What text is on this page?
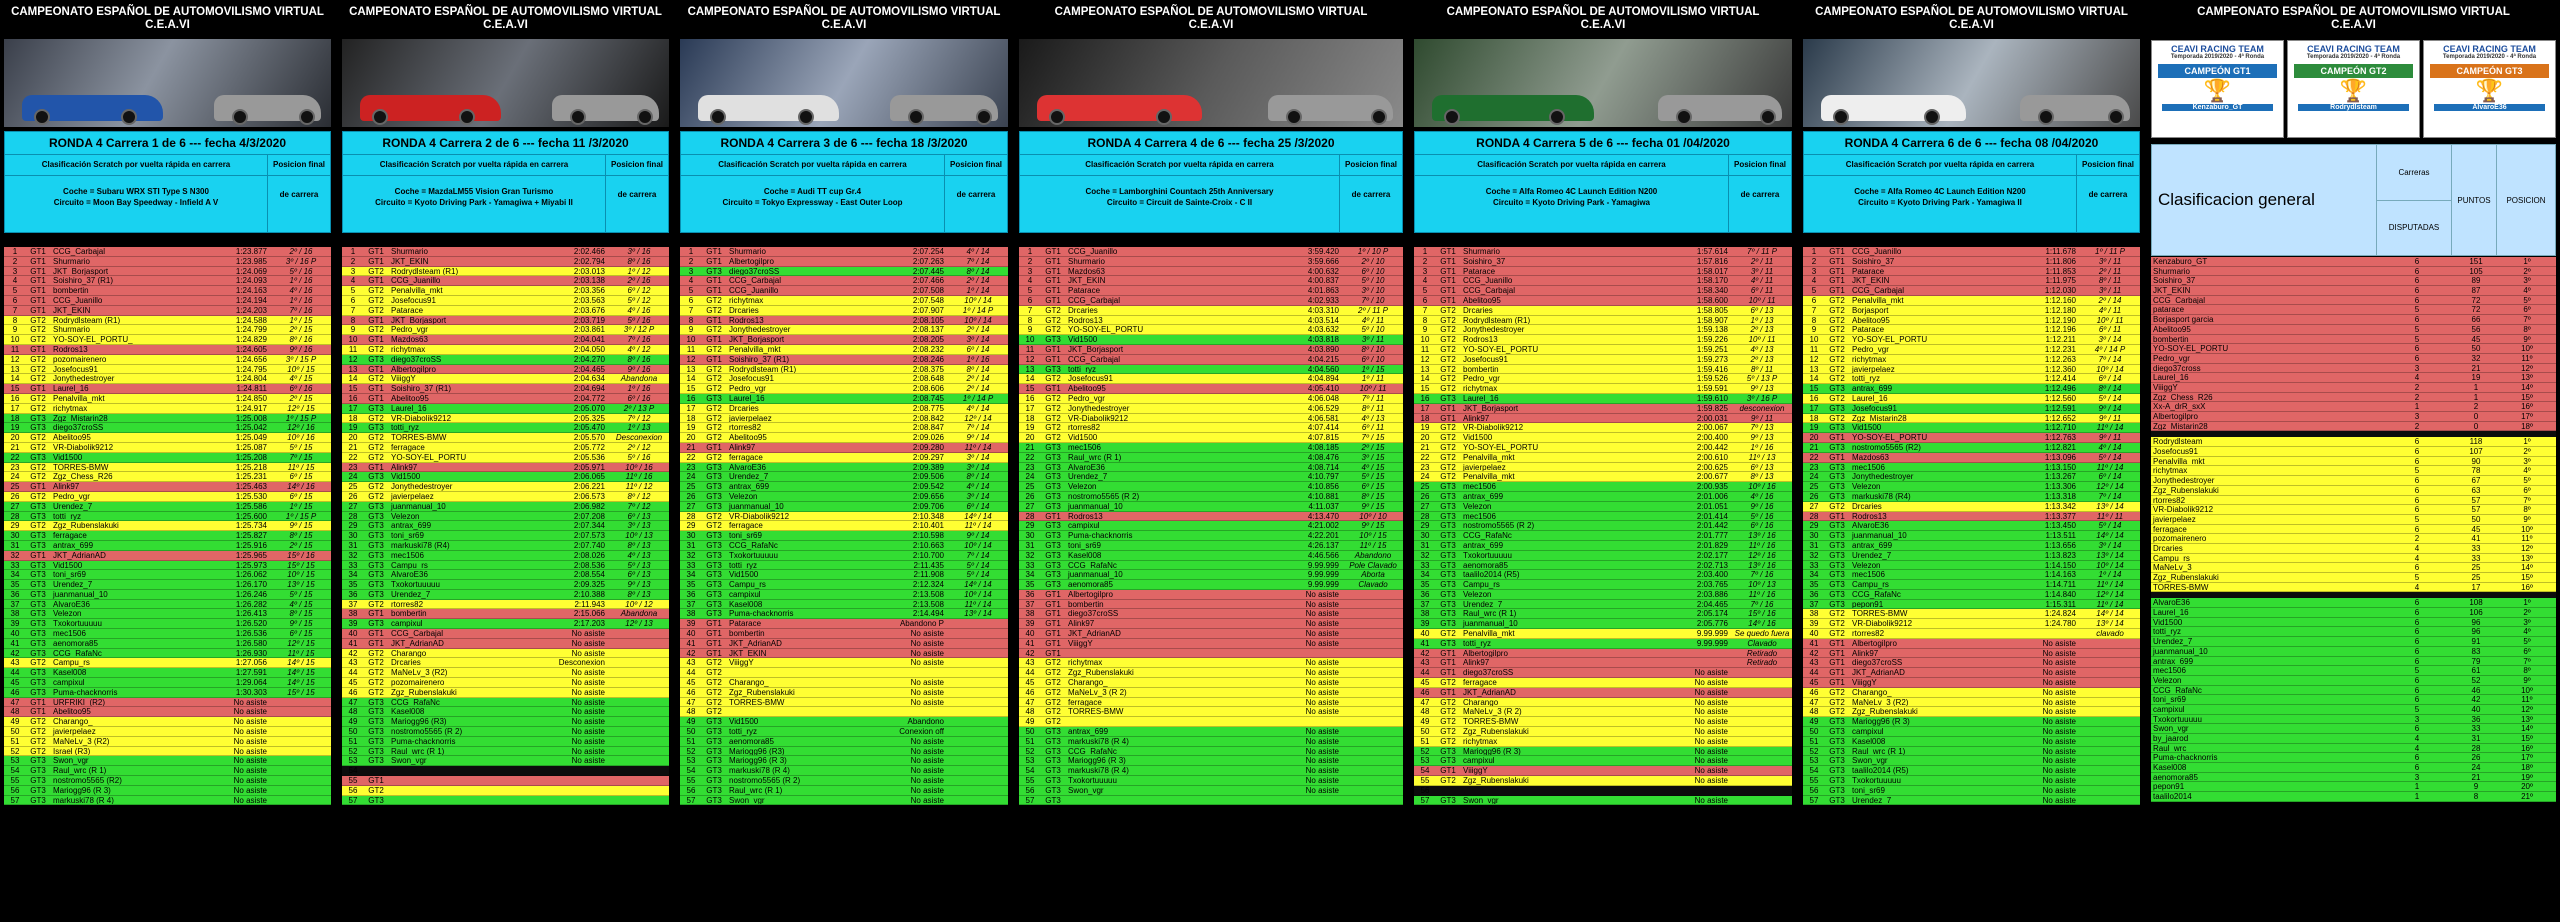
CAMPEONATO ESPAÑOL DE AUTOMOVILISMO VIRTUAL
C.E.A.VI
RONDA 4 Carrera 1 de 6 --- fecha 4/3/2020
Clasificación Scratch por vuelta rápida en carrera
Coche = Subaru WRX STI Type S N300
Circuito = Moon Bay Speedway - Infield A V
Posicion final
de carrera
1	GT1 CCG_Carbajal	1:23.877	2º / 16
2	GT1 Shurmario	1:23.985	3º / 16 P
3	GT1 JKT_Borjasport	1:24.069	5º / 16
4	GT1 Soishiro_37 (R1)	1:24.093	1º / 16
5	GT1 bombertin	1:24.163	4º / 16
6	GT1 CCG_Juanillo	1:24.194	1º / 16
7	GT1 JKT_EKIN	1:24.203	7º / 16
8	GT2 Rodrydlsteam (R1)	1:24.588	1º / 15
9	GT2 Shurmario	1:24.799	2º / 15
10	GT2 YO-SOY-EL_PORTU_	1:24.829	8º / 16
11	GT1 Rodros13	1:24.605	9º / 16
12	GT2 pozomairenero	1:24.656	3º / 15 P
13	GT2 Josefocus91	1:24.795	10º / 15
14	GT2 Jonythedestroyer	1:24.804	4º / 15
15	GT1 Laurel_16	1:24.811	6º / 16
16	GT2 Penalvilla_mkt	1:24.850	2º / 15
17	GT2 richytmax	1:24.917	12º / 15
18	GT3 Zgz_Mistarin28	1:25.008	1º / 15 P
19	GT3 diego37croSS	1:25.042	12º / 16
20	GT2 Abelitoo95	1:25.049	10º / 16
21	GT2 VR-Diabolik9212	1:25.087	5º / 15
22	GT3 Vid1500	1:25.208	7º / 15
23	GT2 TORRES-BMW	1:25.218	11º / 15
24	GT2 Zgz_Chess_R26	1:25.231	6º / 15
25	GT1 Alink97	1:25.463	14º / 16
26	GT2 Pedro_vgr	1:25.530	6º / 15
27	GT3 Urendez_7	1:25.586	1º / 15
28	GT3 totti_ryz	1:25.600	1º / 15 P
29	GT2 Zgz_Rubenslakuki	1:25.734	9º / 15
30	GT3 ferragace	1:25.827	8º / 15
31	GT3 antrax_699	1:25.916	2º / 15
32	GT1 JKT_AdrianAD	1:25.965	15º / 16
33	GT3 Vid1500	1:25.973	15º / 15
34	GT3 toni_sr69	1:26.062	10º / 15
35	GT3 Urendez_7	1:26.170	13º / 15
36	GT3 juanmanual_10	1:26.246	5º / 15
37	GT3 AlvaroE36	1:26.282	4º / 15
38	GT3 Velezon	1:26.413	8º / 15
39	GT3 Txokortuuuuu	1:26.520	9º / 15
40	GT3 mec1506	1:26.536	6º / 15
41	GT3 aenomora85	1:26.580	12º / 15
42	GT3 CCG_RafaNc	1:26.930	11º / 15
43	GT2 Campu_rs	1:27.056	14º / 15
44	GT3 Kasel008	1:27.591	14º / 15
45	GT3 campixul	1:29.064	14º / 15
46	GT3 Puma-chacknorris	1:30.303	15º / 15
47	GT1 URFRIKI_(R2)	No asiste
48	GT1 Abelitoo95	No asiste
49	GT2 Charango_	No asiste
50	GT2 javierpelaez	No asiste
51	GT2 MaNeLv_3 (R2)	No asiste
52	GT2 Israel (R3)	No asiste
53	GT3 Swon_vgr	No asiste
54	GT3 Raul_wrc (R 1)	No asiste
55	GT3 nostromo5565 (R2)	No asiste
56	GT3 Mariogg96 (R 3)	No asiste
57	GT3 markuski78 (R 4)	No asiste
CAMPEONATO ESPAÑOL DE AUTOMOVILISMO VIRTUAL
C.E.A.VI
RONDA 4 Carrera 2 de 6 --- fecha 11 /3/2020
Clasificación Scratch por vuelta rápida en carrera
Coche = MazdaLM55 Vision Gran Turismo
Circuito = Kyoto Driving Park - Yamagiwa + Miyabi II
Posicion final
de carrera
1	GT1 Shurmario	2:02.466	3º / 16
2	GT1 JKT_EKIN	2:02.794	8º / 16
3	GT2 Rodrydlsteam (R1)	2:03.013	1º / 12
4	GT1 CCG_Juanillo	2:03.138	2º / 16
5	GT2 Penalvilla_mkt	2:03.356	6º / 12
6	GT2 Josefocus91	2:03.563	5º / 12
7	GT2 Patarace	2:03.676	4º / 16
8	GT1 JKT_Borjasport	2:03.719	5º / 16
9	GT2 Pedro_vgr	2:03.861	3º / 12 P
10	GT1 Mazdos63	2:04.041	7º / 16
11	GT2 richytmax	2:04.050	4º / 12
12	GT3 diego37croSS	2:04.270	8º / 16
13	GT1 Albertogilpro	2:04.465	9º / 16
14	GT2 ViiiggY	2:04.634	Abandona
15	GT1 Soishiro_37 (R1)	2:04.694	1º / 16
16	GT1 Abelitoo95	2:04.772	6º / 16
17	GT3 Laurel_16	2:05.070	2º / 13 P
18	GT2 VR-Diabolik9212	2:05.325	7º / 12
19	GT3 totti_ryz	2:05.470	1º / 13
20	GT2 TORRES-BMW	2:05.570	Desconexion
21	GT2 ferragace	2:05.772	2º / 12
22	GT2 YO-SOY-EL_PORTU	2:05.536	5º / 16
23	GT1 Alink97	2:05.971	10º / 16
24	GT3 Vid1500	2:06.065	11º / 16
25	GT2 Jonythedestroyer	2:06.221	11º / 12
26	GT2 javierpelaez	2:06.573	8º / 12
27	GT3 juanmanual_10	2:06.982	7º / 12
28	GT3 Velezon	2:07.208	6º / 13
29	GT3 antrax_699	2:07.344	3º / 13
30	GT3 toni_sr69	2:07.573	10º / 13
31	GT3 markuski78 (R4)	2:07.740	8º / 13
32	GT3 mec1506	2:08.026	4º / 13
33	GT3 Campu_rs	2:08.536	5º / 13
34	GT3 AlvaroE36	2:08.554	6º / 13
35	GT3 Txokortuuuuu	2:09.325	9º / 13
36	GT3 Urendez_7	2:10.388	8º / 13
37	GT2 rtorres82	2:11.943	10º / 12
38	GT1 bombertin	2:15.066	Abandona
39	GT3 campixul	2:17.203	12º / 13
40	GT1 CCG_Carbajal	No asiste
41	GT1 JKT_AdrianAD	No asiste
42	GT2 Charango_	No asiste
43	GT2 Drcaries	Desconexion
44	GT2 MaNeLv_3 (R2)	No asiste
45	GT2 pozomairenero	No asiste
46	GT2 Zgz_Rubenslakuki	No asiste
47	GT3 CCG_RafaNc	No asiste
48	GT3 Kasel008	No asiste
49	GT3 Mariogg96 (R3)	No asiste
50	GT3 nostromo5565 (R 2)	No asiste
51	GT3 Puma-chacknorris	No asiste
52	GT3 Raul_wrc (R 1)	No asiste
53	GT3 Swon_vgr	No asiste
54
55	GT1
56	GT2
57	GT3
CAMPEONATO ESPAÑOL DE AUTOMOVILISMO VIRTUAL
C.E.A.VI
RONDA 4 Carrera 3 de 6 --- fecha 18 /3/2020
Clasificación Scratch por vuelta rápida en carrera
Coche = Audi TT cup Gr.4
Circuito = Tokyo Expressway - East Outer Loop
Posicion final
de carrera
1	GT1 Shurmario	2:07.254	4º / 14
2	GT1 Albertogilpro	2:07.263	7º / 14
3	GT3 diego37croSS	2:07.445	8º / 14
4	GT1 CCG_Carbajal	2:07.466	2º / 14
5	GT1 CCG_Juanillo	2:07.508	1º / 14
6	GT2 richytmax	2:07.548	10º / 14
7	GT2 Drcaries	2:07.907	1º / 14 P
8	GT1 Rodros13	2:08.105	10º / 14
9	GT2 Jonythedestroyer	2:08.137	2º / 14
10	GT1 JKT_Borjasport	2:08.205	3º / 14
11	GT2 Penalvilla_mkt	2:08.232	6º / 14
12	GT1 Soishiro_37 (R1)	2:08.246	1º / 16
13	GT2 Rodrydlsteam (R1)	2:08.375	8º / 14
14	GT2 Josefocus91	2:08.648	2º / 14
15	GT2 Pedro_vgr	2:08.606	2º / 14
16	GT3 Laurel_16	2:08.745	1º / 14 P
17	GT2 Drcaries	2:08.775	4º / 14
18	GT2 javierpelaez	2:08.842	12º / 14
19	GT2 rtorres82	2:08.847	7º / 14
20	GT2 Abelitoo95	2:09.026	9º / 14
21	GT1 Alink97	2:09.280	11º / 14
22	GT2 ferragace	2:09.297	3º / 14
23	GT3 AlvaroE36	2:09.389	3º / 14
24	GT3 Urendez_7	2:09.506	8º / 14
25	GT3 antrax_699	2:09.542	4º / 14
26	GT3 Velezon	2:09.656	3º / 14
27	GT3 juanmanual_10	2:09.706	6º / 14
28	GT2 VR-Diabolik9212	2:10.348	14º / 14
29	GT2 ferragace	2:10.401	11º / 14
30	GT3 toni_sr69	2:10.598	9º / 14
31	GT3 CCG_RafaNc	2:10.663	10º / 14
32	GT3 Txokortuuuuu	2:10.700	7º / 14
33	GT3 totti_ryz	2:11.435	5º / 14
34	GT3 Vid1500	2:11.908	5º / 14
35	GT3 Campu_rs	2:12.324	14º / 14
36	GT3 campixul	2:13.508	10º / 14
37	GT3 Kasel008	2:13.508	11º / 14
38	GT3 Puma-chacknorris	2:14.494	13º / 14
39	GT1 Patarace	Abandono P
40	GT1 bombertin	No asiste
41	GT1 JKT_AdrianAD	No asiste
42	GT1 JKT_EKIN	No asiste
43	GT2 ViiiggY	No asiste
44	GT2
45	GT2 Charango_	No asiste
46	GT2 Zgz_Rubenslakuki	No asiste
47	GT2 TORRES-BMW	No asiste
48	GT2
49	GT3 Vid1500	Abandono
50	GT3 totti_ryz	Conexion off
51	GT3 aenomora85	No asiste
52	GT3 Mariogg96 (R3)	No asiste
53	GT3 Mariogg96 (R 3)	No asiste
54	GT3 markuski78 (R 4)	No asiste
55	GT3 nostromo5565 (R 2)	No asiste
56	GT3 Raul_wrc (R 1)	No asiste
57	GT3 Swon_vgr	No asiste
CAMPEONATO ESPAÑOL DE AUTOMOVILISMO VIRTUAL
C.E.A.VI
RONDA 4 Carrera 4 de 6 --- fecha 25 /3/2020
Clasificación Scratch por vuelta rápida en carrera
Coche = Lamborghini Countach 25th Anniversary
Circuito = Circuit de Sainte-Croix - C II
Posicion final
de carrera
1	GT1 CCG_Juanillo	3:59.420	1º / 10 P
2	GT1 Shurmario	3:59.666	2º / 10
3	GT1 Mazdos63	4:00.632	6º / 10
4	GT1 JKT_EKIN	4:00.837	5º / 10
5	GT1 Patarace	4:01.863	3º / 10
6	GT1 CCG_Carbajal	4:02.933	7º / 10
7	GT2 Drcaries	4:03.310	2º / 11 P
8	GT2 Rodros13	4:03.514	4º / 11
9	GT2 YO-SOY-EL_PORTU	4:03.632	5º / 10
10	GT3 Vid1500	4:03.818	3º / 11
11	GT1 JKT_Borjasport	4:03.890	8º / 10
12	GT1 CCG_Carbajal	4:04.215	6º / 10
13	GT3 totti_ryz	4:04.560	1º / 15
14	GT2 Josefocus91	4:04.894	1º / 11
15	GT1 Abelitoo95	4:05.410	10º / 11
16	GT2 Pedro_vgr	4:06.048	7º / 11
17	GT2 Jonythedestroyer	4:06.529	8º / 11
18	GT2 VR-Diabolik9212	4:06.581	4º / 13
19	GT2 rtorres82	4:07.414	6º / 11
20	GT2 Vid1500	4:07.815	7º / 15
21	GT3 mec1506	4:08.185	2º / 15
22	GT3 Raul_wrc (R 1)	4:08.476	3º / 15
23	GT3 AlvaroE36	4:08.714	4º / 15
24	GT3 Urendez_7	4:10.797	5º / 15
25	GT3 Velezon	4:10.856	6º / 15
26	GT3 nostromo5565 (R 2)	4:10.881	8º / 15
27	GT3 juanmanual_10	4:11.037	9º / 15
28	GT1 Rodros13	4:13.470	10º / 10
29	GT3 campixul	4:21.002	9º / 15
30	GT3 Puma-chacknorris	4:22.201	10º / 15
31	GT3 toni_sr69	4:26.137	11º / 15
32	GT3 Kasel008	4:46.566	Abandono
33	GT3 CCG_RafaNc	9.99.999	Pole Clavado
34	GT3 juanmanual_10	9.99.999	Aborta
35	GT3 aenomora85	9.99.999	Clavado
36	GT1 Albertogilpro	No asiste
37	GT1 bombertin	No asiste
38	GT1 diego37croSS	No asiste
39	GT1 Alink97	No asiste
40	GT1 JKT_AdrianAD	No asiste
41	GT1 ViiiggY	No asiste
42	GT1
43	GT2 richytmax	No asiste
44	GT2 Zgz_Rubenslakuki	No asiste
45	GT2 Charango_	No asiste
46	GT2 MaNeLv_3 (R 2)	No asiste
47	GT2 ferragace	No asiste
48	GT2 TORRES-BMW	No asiste
49	GT2
50	GT3 antrax_699	No asiste
51	GT3 markuski78 (R 4)	No asiste
52	GT3 CCG_RafaNc	No asiste
53	GT3 Mariogg96 (R 3)	No asiste
54	GT3 markuski78 (R 4)	No asiste
55	GT3 Txokortuuuuu	No asiste
56	GT3 Swon_vgr	No asiste
57	GT3
CAMPEONATO ESPAÑOL DE AUTOMOVILISMO VIRTUAL
C.E.A.VI
RONDA 4 Carrera 5 de 6 --- fecha 01 /04/2020
Clasificación Scratch por vuelta rápida en carrera
Coche = Alfa Romeo 4C Launch Edition N200
Circuito = Kyoto Driving Park - Yamagiwa
Posicion final
de carrera
1	GT1 Shurmario	1:57.614	7º / 11 P
2	GT1 Soishiro_37	1:57.816	2º / 11
3	GT1 Patarace	1:58.017	3º / 11
4	GT1 CCG_Juanillo	1:58.170	4º / 11
5	GT1 CCG_Carbajal	1:58.340	6º / 11
6	GT1 Abelitoo95	1:58.600	10º / 11
7	GT2 Drcaries	1:58.805	6º / 13
8	GT2 Rodrydlsteam (R1)	1:58.907	1º / 13
9	GT2 Jonythedestroyer	1:59.138	2º / 13
10	GT2 Rodros13	1:59.226	10º / 11
11	GT2 YO-SOY-EL_PORTU	1:59.251	4º / 13
12	GT2 Josefocus91	1:59.273	2º / 13
13	GT2 bombertin	1:59.416	8º / 11
14	GT2 Pedro_vgr	1:59.526	5º / 13 P
15	GT2 richytmax	1:59.591	9º / 13
16	GT3 Laurel_16	1:59.610	3º / 16 P
17	GT1 JKT_Borjasport	1:59.825	desconexion
18	GT1 Alink97	2:00.031	9º / 11
19	GT2 VR-Diabolik9212	2:00.067	7º / 13
20	GT2 Vid1500	2:00.400	9º / 13
21	GT2 YO-SOY-EL_PORTU	2:00.442	1º / 16
22	GT2 Penalvilla_mkt	2:00.610	11º / 13
23	GT2 javierpelaez	2:00.625	6º / 13
24	GT2 Penalvilla_mkt	2:00.677	8º / 13
25	GT3 mec1506	2:00.935	10º / 16
26	GT3 antrax_699	2:01.006	4º / 16
27	GT3 Velezon	2:01.051	9º / 16
28	GT3 mec1506	2:01.414	5º / 16
29	GT3 nostromo5565 (R 2)	2:01.442	6º / 16
30	GT3 CCG_RafaNc	2:01.777	13º / 16
31	GT3 antrax_699	2:01.829	11º / 16
32	GT3 Txokortuuuuu	2:02.177	12º / 16
33	GT3 aenomora85	2:02.713	13º / 16
34	GT3 taalilo2014 (R5)	2:03.400	7º / 16
35	GT3 Campu_rs	2:03.765	10º / 13
36	GT3 Velezon	2:03.886	11º / 16
37	GT3 Urendez_7	2:04.465	7º / 16
38	GT3 Raul_wrc (R 1)	2:05.174	15º / 16
39	GT3 juanmanual_10	2:05.776	14º / 16
40	GT2 Penalvilla_mkt	9.99.999 Se quedo fuera
41	GT3 totti_ryz	9.99.999	Clavado
42	GT1 Albertogilpro	Retirado
43	GT1 Alink97	Retirado
44	GT1 diego37croSS	No asiste
45	GT2 ferragace	No asiste
46	GT1 JKT_AdrianAD	No asiste
47	GT2 Charango_	No asiste
48	GT2 MaNeLv_3 (R 2)	No asiste
49	GT2 TORRES-BMW	No asiste
50	GT2 Zgz_Rubenslakuki	No asiste
51	GT2 richytmax	No asiste
52	GT3 Mariogg96 (R 3)	No asiste
53	GT3 campixul	No asiste
54	GT1 ViiiggY	No asiste
55	GT2 Zgz_Rubenslakuki	No asiste
56
57	GT3 Swon_vgr	No asiste
CAMPEONATO ESPAÑOL DE AUTOMOVILISMO VIRTUAL
C.E.A.VI
RONDA 4 Carrera 6 de 6 --- fecha 08 /04/2020
Clasificación Scratch por vuelta rápida en carrera
Coche = Alfa Romeo 4C Launch Edition N200
Circuito = Kyoto Driving Park - Yamagiwa II
Posicion final
de carrera
1	GT1 CCG_Juanillo	1:11.678	1º / 11 P
2	GT1 Soishiro_37	1:11.806	3º / 11
3	GT1 Patarace	1:11.853	2º / 11
4	GT1 JKT_EKIN	1:11.975	8º / 11
5	GT1 CCG_Carbajal	1:12.030	3º / 11
6	GT2 Penalvilla_mkt	1:12.160	2º / 14
7	GT2 Borjasport	1:12.180	4º / 11
8	GT2 Abelitoo95	1:12.190	10º / 11
9	GT2 Patarace	1:12.196	6º / 11
10	GT2 YO-SOY-EL_PORTU	1:12.211	3º / 14
11	GT2 Pedro_vgr	1:12.231	4º / 14 P
12	GT2 richytmax	1:12.263	7º / 14
13	GT2 javierpelaez	1:12.360	10º / 14
14	GT2 totti_ryz	1:12.414	6º / 14
15	GT3 antrax_699	1:12.496	8º / 14
16	GT2 Laurel_16	1:12.560	5º / 14
17	GT3 Josefocus91	1:12.591	9º / 14
18	GT2 Zgz_Mistarin28	1:12.652	9º / 11
19	GT3 Vid1500	1:12.710	11º / 14
20	GT1 YO-SOY-EL_PORTU	1:12.763	9º / 11
21	GT3 nostromo5565 (R2)	1:12.821	4º / 14
22	GT1 Mazdos63	1:13.096	5º / 14
23	GT3 mec1506	1:13.150	11º / 14
24	GT3 Jonythedestroyer	1:13.267	6º / 14
25	GT3 Velezon	1:13.306	12º / 14
26	GT3 markuski78 (R4)	1:13.318	7º / 14
27	GT2 Drcaries	1:13.342	13º / 14
28	GT1 Rodros13	1:13.377	11º / 11
29	GT3 AlvaroE36	1:13.450	5º / 14
30	GT3 juanmanual_10	1:13.511	14º / 14
31	GT3 antrax_699	1:13.656	3º / 14
32	GT3 Urendez_7	1:13.823	13º / 14
33	GT3 Velezon	1:14.150	10º / 14
34	GT3 mec1506	1:14.163	1º / 14
35	GT3 Campu_rs	1:14.711	11º / 14
36	GT3 CCG_RafaNc	1:14.840	12º / 14
37	GT3 pepon91	1:15.311	11º / 14
38	GT2 TORRES-BMW	1:24.824	14º / 14
39	GT2 VR-Diabolik9212	1:24.780	13º / 14
40	GT2 rtorres82	clavado
41	GT1 Albertogilpro	No asiste
42	GT1 Alink97	No asiste
43	GT1 diego37croSS	No asiste
44	GT1 JKT_AdrianAD	No asiste
45	GT1 ViiiggY	No asiste
46	GT2 Charango_	No asiste
47	GT2 MaNeLv_3 (R2)	No asiste
48	GT2 Zgz_Rubenslakuki	No asiste
49	GT3 Mariogg96 (R 3)	No asiste
50	GT3 campixul	No asiste
51	GT3 Kasel008	No asiste
52	GT3 Raul_wrc (R 1)	No asiste
53	GT3 Swon_vgr	No asiste
54	GT3 taalilo2014 (R5)	No asiste
55	GT3 Txokortuuuuu	No asiste
56	GT3 toni_sr69	No asiste
57	GT3 Urendez_7	No asiste
CAMPEONATO ESPAÑOL DE AUTOMOVILISMO VIRTUAL
C.E.A.VI
CEAVI RACING TEAM
Temporada 2019/2020 - 4ª Ronda
CAMPEÓN GT1
🏆
Kenzaburo_GT
CEAVI RACING TEAM
Temporada 2019/2020 - 4ª Ronda
CAMPEÓN GT2
🏆
Rodrydlsteam
CEAVI RACING TEAM
Temporada 2019/2020 - 4ª Ronda
CAMPEÓN GT3
🏆
AlvaroE36
Clasificacion general
Carreras
DISPUTADAS
PUNTOS	POSICION
Kenzaburo_GT	6	151	1º
Shurmario	6	105	2º
Soishiro_37	6	89	3º
JKT_EKIN	6	87	4º
CCG_Carbajal	6	72	5º
patarace	5	72	6º
Borjasport garcia	6	66	7º
Abelitoo95	5	56	8º
bombertin	5	45	9º
YO-SOY-EL_PORTU	6	50	10º
Pedro_vgr	6	32	11º
diego37cross	3	21	12º
Laurel_16	4	19	13º
ViiiggY	2	1	14º
Zgz_Chess_R26	2	1	15º
Xx-A_drR_sxX	1	2	16º
Albertogilpro	3	0	17º
Zgz_Mistarin28	2	0	18º
Rodrydlsteam	6	118	1º
Josefocus91	6	107	2º
Penalvilla_mkt	6	90	3º
richytmax	5	78	4º
Jonythedestroyer	6	67	5º
Zgz_Rubenslakuki	6	63	6º
rtorres82	6	57	7º
VR-Diabolik9212	6	57	8º
javierpelaez	5	50	9º
ferragace	6	45	10º
pozomairenero	2	41	11º
Drcaries	4	33	12º
Campu_rs	4	33	13º
MaNeLv_3	6	25	14º
Zgz_Rubenslakuki	5	25	15º
TORRES-BMW	4	17	16º
AlvaroE36	6	108	1º
Laurel_16	6	106	2º
Vid1500	6	96	3º
totti_ryz	6	96	4º
Urendez_7	6	91	5º
juanmanual_10	6	83	6º
antrax_699	6	79	7º
mec1506	5	61	8º
Velezon	6	52	9º
CCG_RafaNc	6	46	10º
toni_sr69	6	42	11º
campixul	5	40	12º
Txokortuuuuu	3	36	13º
Swon_vgr	6	33	14º
by_jaarod	4	31	15º
Raul_wrc	4	28	16º
Puma-chacknorris	6	26	17º
Kasel008	6	24	18º
aenomora85	3	21	19º
pepon91	1	9	20º
taalilo2014	1	8	21º
